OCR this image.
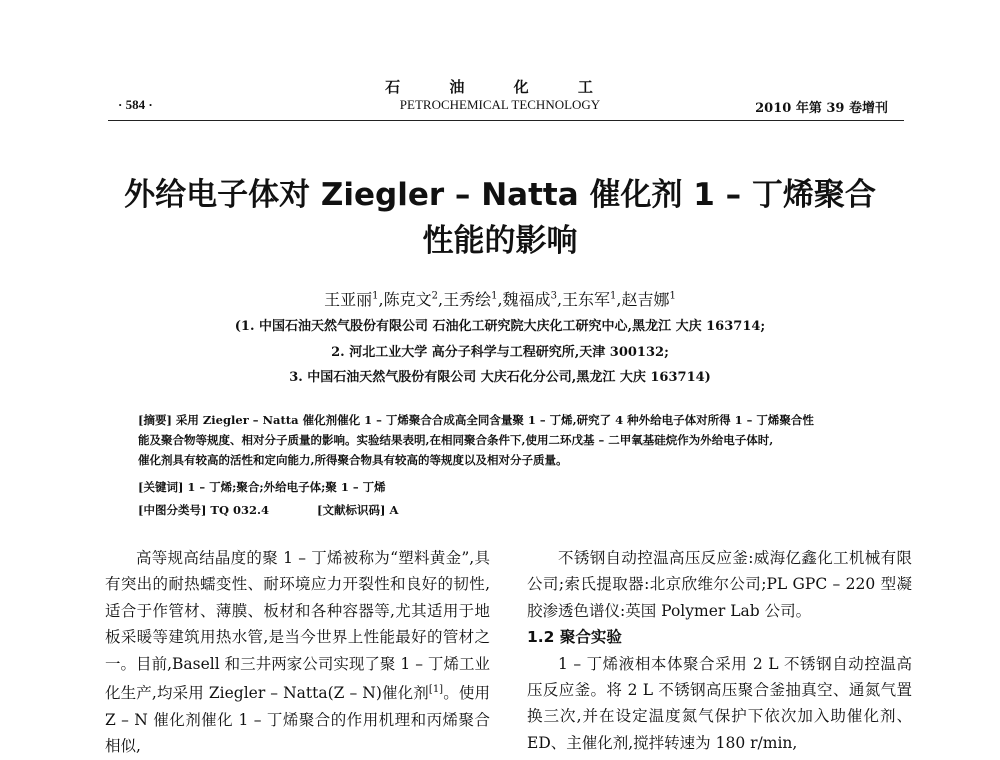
石 油 化 工
· 584 ·	PETROCHEMICAL TECHNOLOGY	2010 年第 39 卷增刊
外给电子体对 Ziegler – Natta 催化剂 1 – 丁烯聚合
性能的影响
王亚丽$^1$,陈克文$^2$,王秀绘$^1$,魏福成$^3$,王东军$^1$,赵吉娜$^1$
(1. 中国石油天然气股份有限公司 石油化工研究院大庆化工研究中心,黑龙江 大庆 163714;
2. 河北工业大学 高分子科学与工程研究所,天津 300132;
3. 中国石油天然气股份有限公司 大庆石化分公司,黑龙江 大庆 163714)
[摘要] 采用 Ziegler – Natta 催化剂催化 1 – 丁烯聚合合成高全同含量聚 1 – 丁烯,研究了 4 种外给电子体对所得 1 – 丁烯聚合性
能及聚合物等规度、相对分子质量的影响。实验结果表明,在相同聚合条件下,使用二环戊基 – 二甲氧基硅烷作为外给电子体时,
催化剂具有较高的活性和定向能力,所得聚合物具有较高的等规度以及相对分子质量。
[关键词] 1 – 丁烯;聚合;外给电子体;聚 1 – 丁烯
[中图分类号] TQ 032.4	[文献标识码] A
高等规高结晶度的聚 1 – 丁烯被称为“塑料黄金”,具有突出的耐热蠕变性、耐环境应力开裂性和良好的韧性,适合于作管材、薄膜、板材和各种容器等,尤其适用于地板采暖等建筑用热水管,是当今世界上性能最好的管材之一。目前,Basell 和三井两家公司实现了聚 1 – 丁烯工业化生产,均采用 Ziegler – Natta(Z – N)催化剂[1]。使用 Z – N 催化剂催化 1 – 丁烯聚合的作用机理和丙烯聚合相似,
不锈钢自动控温高压反应釜:威海亿鑫化工机械有限公司;索氏提取器:北京欣维尔公司;PL GPC – 220 型凝胶渗透色谱仪:英国 Polymer Lab 公司。
1.2 聚合实验
1 – 丁烯液相本体聚合采用 2 L 不锈钢自动控温高压反应釜。将 2 L 不锈钢高压聚合釜抽真空、通氮气置换三次,并在设定温度氮气保护下依次加入助催化剂、ED、主催化剂,搅拌转速为 180 r/min,
